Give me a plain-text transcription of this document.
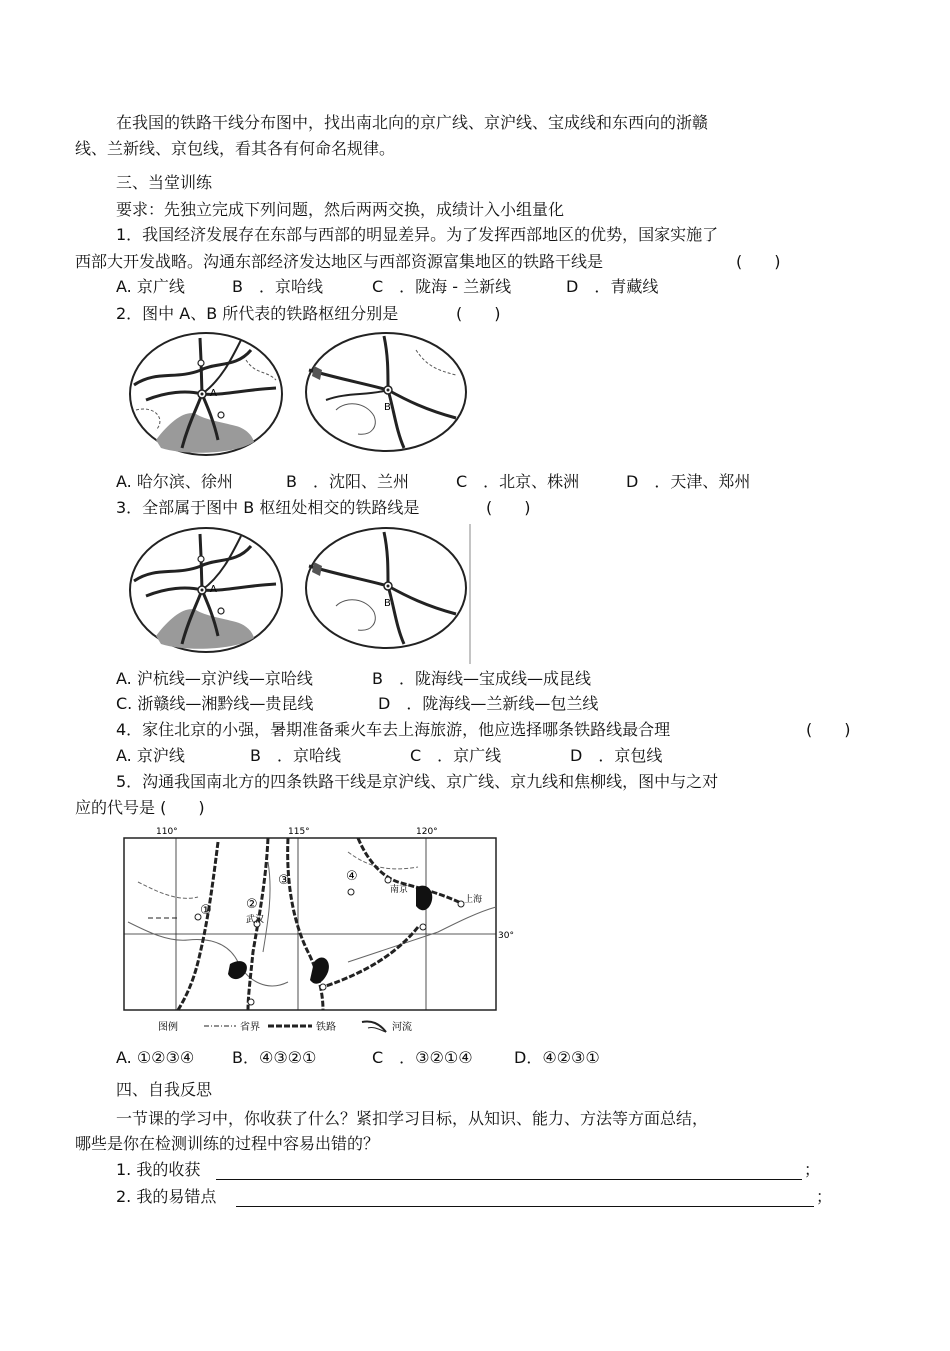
在我国的铁路干线分布图中，找出南北向的京广线、京沪线、宝成线和东西向的浙赣
线、兰新线、京包线，看其各有何命名规律。
三、当堂训练
要求：先独立完成下列问题，然后两两交换，成绩计入小组量化
1．我国经济发展存在东部与西部的明显差异。为了发挥西部地区的优势，国家实施了
西部大开发战略。沟通东部经济发达地区与西部资源富集地区的铁路干线是	(　　)
A. 京广线	B　．京哈线	C　．陇海 - 兰新线	D　．青藏线
2．图中 A、B 所代表的铁路枢纽分别是	(　　)
A
B
A. 哈尔滨、徐州	B　．沈阳、兰州	C　．北京、株洲	D　．天津、郑州
3．全部属于图中 B 枢纽处相交的铁路线是	(　　)
A
B
A. 沪杭线—京沪线—京哈线	B　．陇海线—宝成线—成昆线
C. 浙赣线—湘黔线—贵昆线	D　．陇海线—兰新线—包兰线
4．家住北京的小强，暑期准备乘火车去上海旅游，他应选择哪条铁路线最合理	(　　)
A. 京沪线	B　．京哈线	C　．京广线	D　．京包线
5．沟通我国南北方的四条铁路干线是京沪线、京广线、京九线和焦柳线，图中与之对
应的代号是 (　　)
110°	115°	120°
30°
①	②
③	④
武汉
南京
上海
图例	省界	铁路	河流
A. ①②③④ B．④③②①	C　．③②①④	D．④②③①
四、自我反思
一节课的学习中，你收获了什么？紧扣学习目标，从知识、能力、方法等方面总结，
哪些是你在检测训练的过程中容易出错的？
1. 我的收获	；
2. 我的易错点	；
